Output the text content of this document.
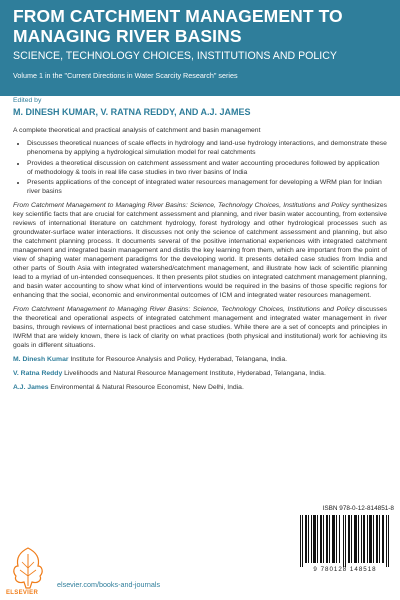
FROM CATCHMENT MANAGEMENT TO MANAGING RIVER BASINS
SCIENCE, TECHNOLOGY CHOICES, INSTITUTIONS AND POLICY
Volume 1 in the "Current Directions in Water Scarcity Research" series
Edited by
M. DINESH KUMAR, V. RATNA REDDY, AND A.J. JAMES

A complete theoretical and practical analysis of catchment and basin management

• Discusses theoretical nuances of scale effects in hydrology and land-use hydrology interactions, and demonstrate these phenomena by applying a hydrological simulation model for real catchments
• Provides a theoretical discussion on catchment assessment and water accounting procedures followed by application of methodology & tools in real life case studies in two river basins of India
• Presents applications of the concept of integrated water resources management for developing a WRM plan for Indian river basins

From Catchment Management to Managing River Basins: Science, Technology Choices, Institutions and Policy synthesizes key scientific facts that are crucial for catchment assessment and planning, and river basin water accounting, from extensive reviews of international literature on catchment hydrology, forest hydrology and other hydrological processes such as groundwater-surface water interactions. It discusses not only the science of catchment assessment and planning, but also the catchment planning process. It documents several of the positive international experiences with integrated catchment management and integrated basin management and distils the key learning from them, which are important from the point of view of shaping water management paradigms for the developing world. It presents detailed case studies from India and other parts of South Asia with integrated watershed/catchment management, and illustrate how lack of scientific planning lead to a myriad of un-intended consequences. It then presents pilot studies on integrated catchment management planning, and basin water accounting to show what kind of interventions would be required in the basins of those specific regions for enhancing that the social, economic and environmental outcomes of ICM and integrated water resources management.

From Catchment Management to Managing River Basins: Science, Technology Choices, Institutions and Policy discusses the theoretical and operational aspects of integrated catchment management and integrated water management in river basins, through reviews of international best practices and case studies. While there are a set of concepts and principles in IWRM that are widely known, there is lack of clarity on what practices (both physical and institutional) work for achieving its goals in different situations.

M. Dinesh Kumar Institute for Resource Analysis and Policy, Hyderabad, Telangana, India.

V. Ratna Reddy Livelihoods and Natural Resource Management Institute, Hyderabad, Telangana, India.

A.J. James Environmental & Natural Resource Economist, New Delhi, India.

ELSEVIER
elsevier.com/books-and-journals
ISBN 978-0-12-814851-8
9 780128 148518
